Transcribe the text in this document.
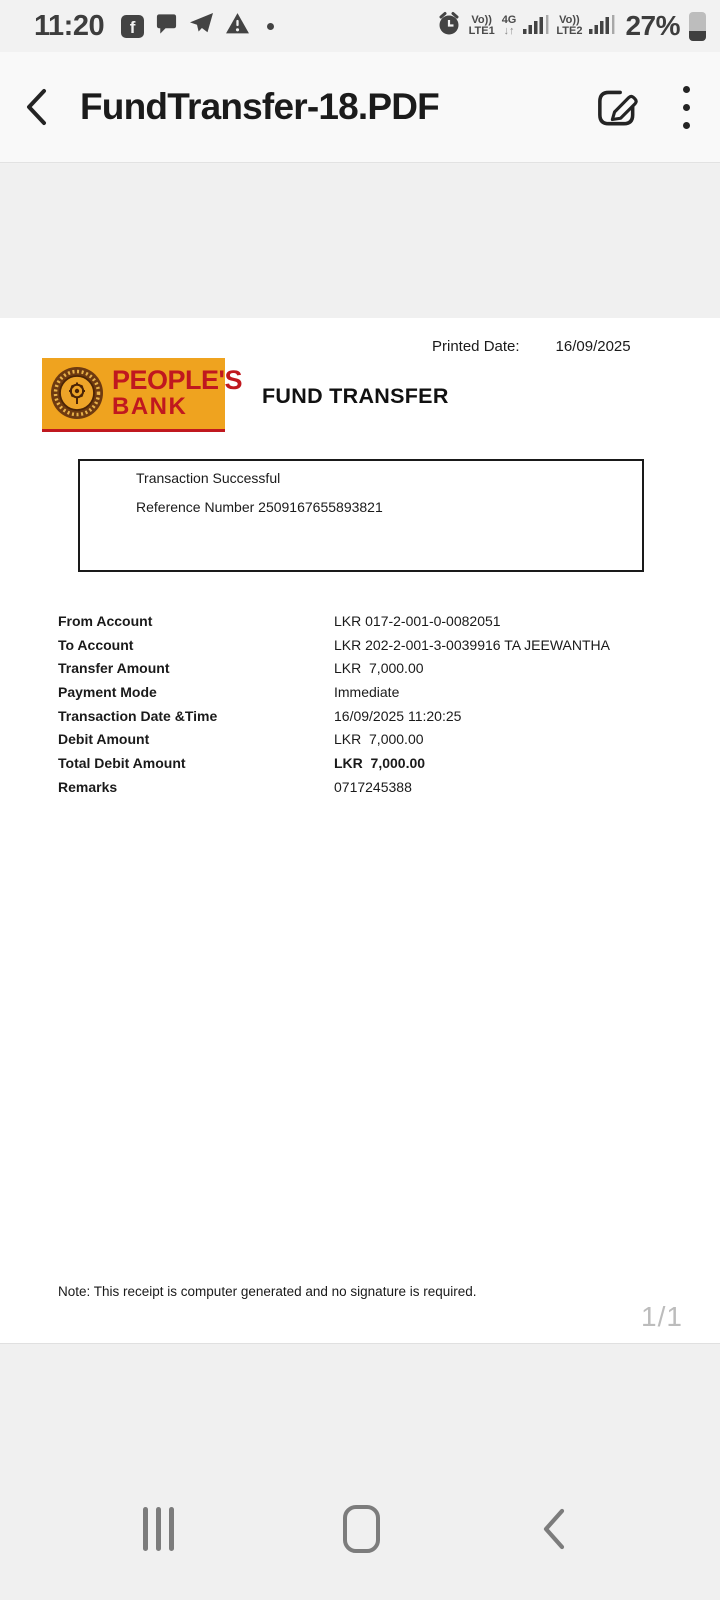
11:20	f	Vo))
LTE1
4G
↓↑
Vo))
LTE2 27%
FundTransfer-18.PDF
Printed Date: 16/09/2025
PEOPLE'S
BANK	FUND TRANSFER
Transaction Successful
Reference Number 2509167655893821
From Account	LKR 017-2-001-0-0082051
To Account	LKR 202-2-001-3-0039916 TA JEEWANTHA
Transfer Amount	LKR  7,000.00
Payment Mode	Immediate
Transaction Date &Time	16/09/2025 11:20:25
Debit Amount	LKR  7,000.00
Total Debit Amount	LKR  7,000.00
Remarks	0717245388
Note: This receipt is computer generated and no signature is required.
1/1
